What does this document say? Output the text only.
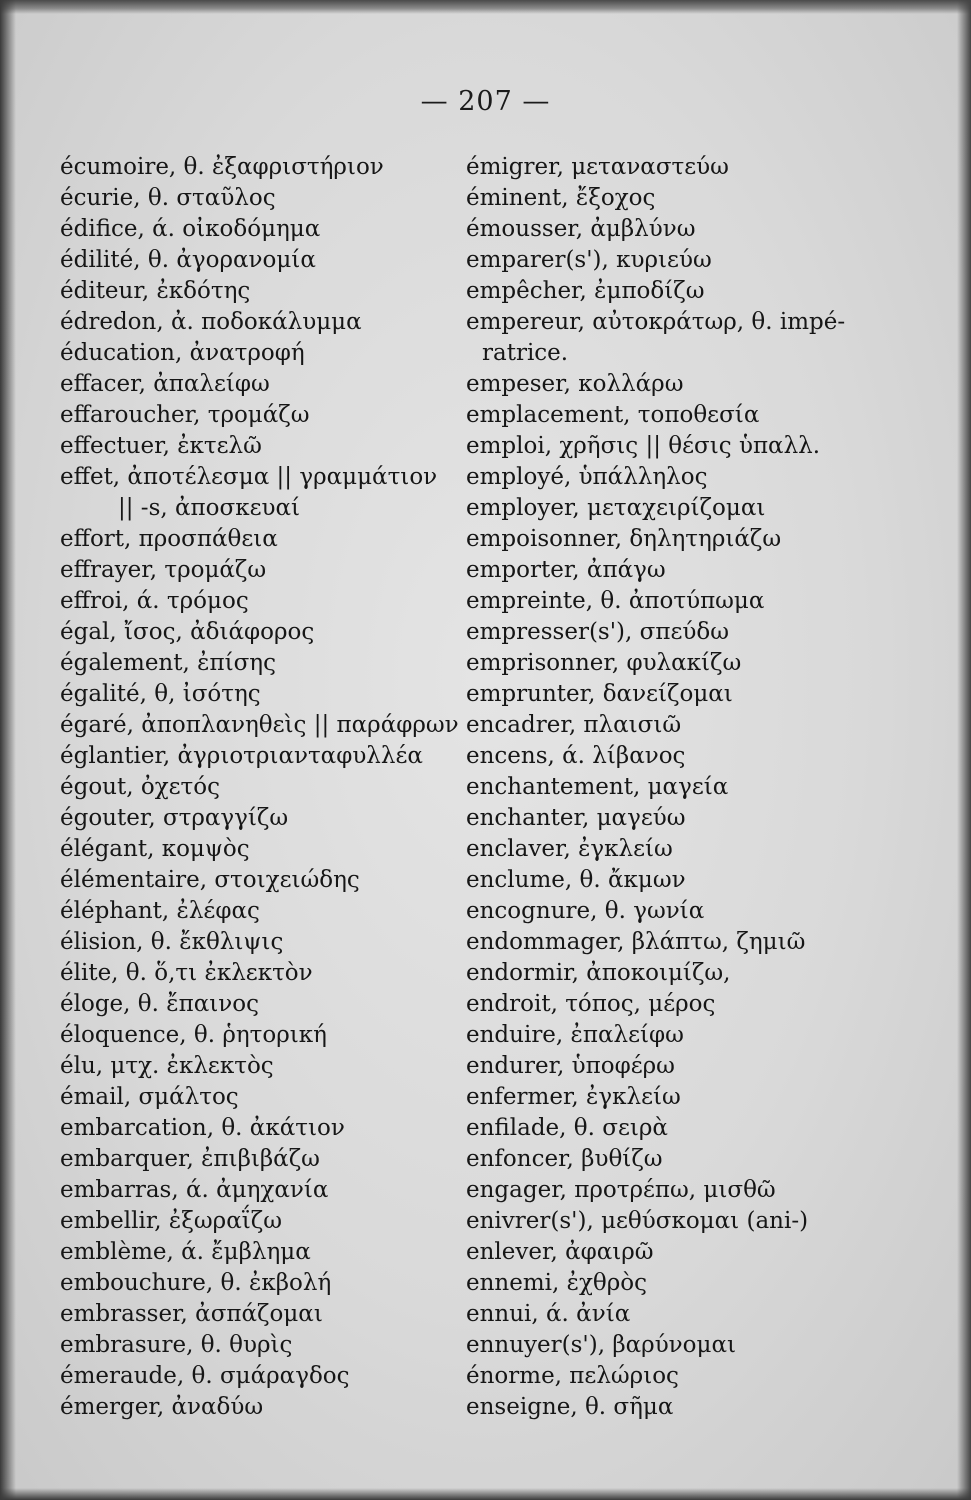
— 207 —
écumoire, θ. ἐξαφριστήριον
écurie, θ. σταῦλος
édifice, ά. οἰκοδόμημα
édilité, θ. ἀγορανομία
éditeur, ἐκδότης
édredon, ἀ. ποδοκάλυμμα
éducation, ἀνατροφή
effacer, ἀπαλείφω
effaroucher, τρομάζω
effectuer, ἐκτελῶ
effet, ἀποτέλεσμα || γραμμάτιον
|| -s, ἀποσκευαί
effort, προσπάθεια
effrayer, τρομάζω
effroi, ά. τρόμος
égal, ἴσος, ἀδιάφορος
également, ἐπίσης
égalité, θ, ἰσότης
égaré, ἀποπλανηθεὶς || παράφρων
églantier, ἀγριοτριανταφυλλέα
égout, ὀχετός
égouter, στραγγίζω
élégant, κομψὸς
élémentaire, στοιχειώδης
éléphant, ἐλέφας
élision, θ. ἔκθλιψις
élite, θ. ὅ,τι ἐκλεκτὸν
éloge, θ. ἔπαινος
éloquence, θ. ῥητορική
élu, μτχ. ἐκλεκτὸς
émail, σμάλτος
embarcation, θ. ἀκάτιον
embarquer, ἐπιβιβάζω
embarras, ά. ἀμηχανία
embellir, ἐξωραΐζω
emblème, ά. ἔμβλημα
embouchure, θ. ἐκβολή
embrasser, ἀσπάζομαι
embrasure, θ. θυρὶς
émeraude, θ. σμάραγδος
émerger, ἀναδύω
émigrer, μεταναστεύω
éminent, ἔξοχος
émousser, ἀμβλύνω
emparer(s'), κυριεύω
empêcher, ἐμποδίζω
empereur, αὐτοκράτωρ, θ. impé-
ratrice.
empeser, κολλάρω
emplacement, τοποθεσία
emploi, χρῆσις || θέσις ὑπαλλ.
employé, ὑπάλληλος
employer, μεταχειρίζομαι
empoisonner, δηλητηριάζω
emporter, ἀπάγω
empreinte, θ. ἀποτύπωμα
empresser(s'), σπεύδω
emprisonner, φυλακίζω
emprunter, δανείζομαι
encadrer, πλαισιῶ
encens, ά. λίβανος
enchantement, μαγεία
enchanter, μαγεύω
enclaver, ἐγκλείω
enclume, θ. ἄκμων
encognure, θ. γωνία
endommager, βλάπτω, ζημιῶ
endormir, ἀποκοιμίζω,
endroit, τόπος, μέρος
enduire, ἐπαλείφω
endurer, ὑποφέρω
enfermer, ἐγκλείω
enfilade, θ. σειρὰ
enfoncer, βυθίζω
engager, προτρέπω, μισθῶ
enivrer(s'), μεθύσκομαι (ani-)
enlever, ἀφαιρῶ
ennemi, ἐχθρὸς
ennui, ά. ἀνία
ennuyer(s'), βαρύνομαι
énorme, πελώριος
enseigne, θ. σῆμα
